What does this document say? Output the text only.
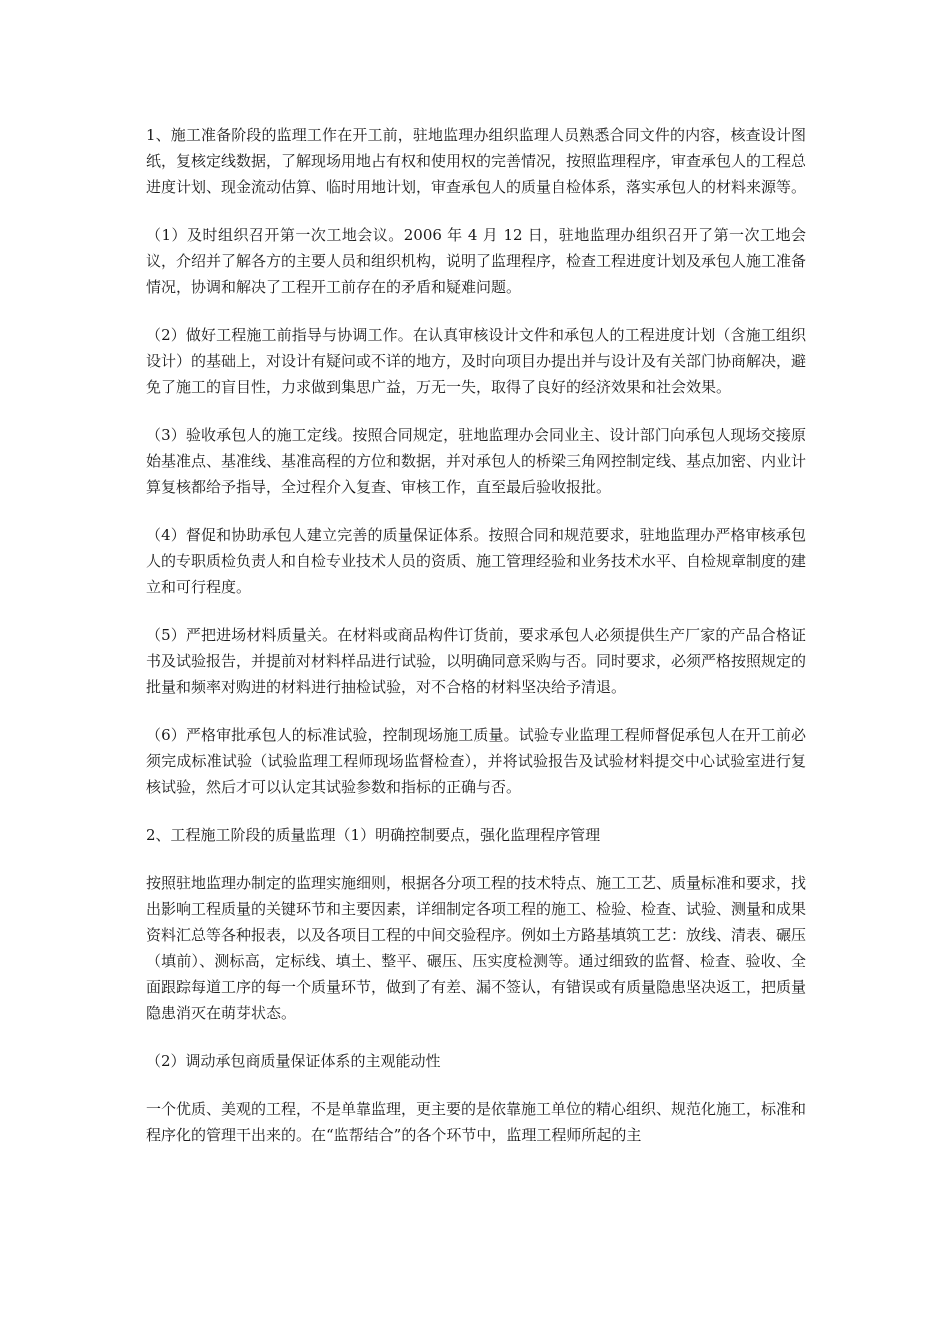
1、施工准备阶段的监理工作在开工前，驻地监理办组织监理人员熟悉合同文件的内容，核查设计图纸，复核定线数据，了解现场用地占有权和使用权的完善情况，按照监理程序，审查承包人的工程总进度计划、现金流动估算、临时用地计划，审查承包人的质量自检体系，落实承包人的材料来源等。

（1）及时组织召开第一次工地会议。2006 年 4 月 12 日，驻地监理办组织召开了第一次工地会议，介绍并了解各方的主要人员和组织机构，说明了监理程序，检查工程进度计划及承包人施工准备情况，协调和解决了工程开工前存在的矛盾和疑难问题。

（2）做好工程施工前指导与协调工作。在认真审核设计文件和承包人的工程进度计划（含施工组织设计）的基础上，对设计有疑问或不详的地方，及时向项目办提出并与设计及有关部门协商解决，避免了施工的盲目性，力求做到集思广益，万无一失，取得了良好的经济效果和社会效果。

（3）验收承包人的施工定线。按照合同规定，驻地监理办会同业主、设计部门向承包人现场交接原始基准点、基准线、基准高程的方位和数据，并对承包人的桥梁三角网控制定线、基点加密、内业计算复核都给予指导，全过程介入复查、审核工作，直至最后验收报批。

（4）督促和协助承包人建立完善的质量保证体系。按照合同和规范要求，驻地监理办严格审核承包人的专职质检负责人和自检专业技术人员的资质、施工管理经验和业务技术水平、自检规章制度的建立和可行程度。

（5）严把进场材料质量关。在材料或商品构件订货前，要求承包人必须提供生产厂家的产品合格证书及试验报告，并提前对材料样品进行试验，以明确同意采购与否。同时要求，必须严格按照规定的批量和频率对购进的材料进行抽检试验，对不合格的材料坚决给予清退。

（6）严格审批承包人的标准试验，控制现场施工质量。试验专业监理工程师督促承包人在开工前必须完成标准试验（试验监理工程师现场监督检查），并将试验报告及试验材料提交中心试验室进行复核试验，然后才可以认定其试验参数和指标的正确与否。

2、工程施工阶段的质量监理（1）明确控制要点，强化监理程序管理

按照驻地监理办制定的监理实施细则，根据各分项工程的技术特点、施工工艺、质量标准和要求，找出影响工程质量的关键环节和主要因素，详细制定各项工程的施工、检验、检查、试验、测量和成果资料汇总等各种报表，以及各项目工程的中间交验程序。例如土方路基填筑工艺：放线、清表、碾压（填前）、测标高，定标线、填土、整平、碾压、压实度检测等。通过细致的监督、检查、验收、全面跟踪每道工序的每一个质量环节，做到了有差、漏不签认，有错误或有质量隐患坚决返工，把质量隐患消灭在萌芽状态。

（2）调动承包商质量保证体系的主观能动性

一个优质、美观的工程，不是单靠监理，更主要的是依靠施工单位的精心组织、规范化施工，标准和程序化的管理干出来的。在“监帮结合”的各个环节中，监理工程师所起的主
